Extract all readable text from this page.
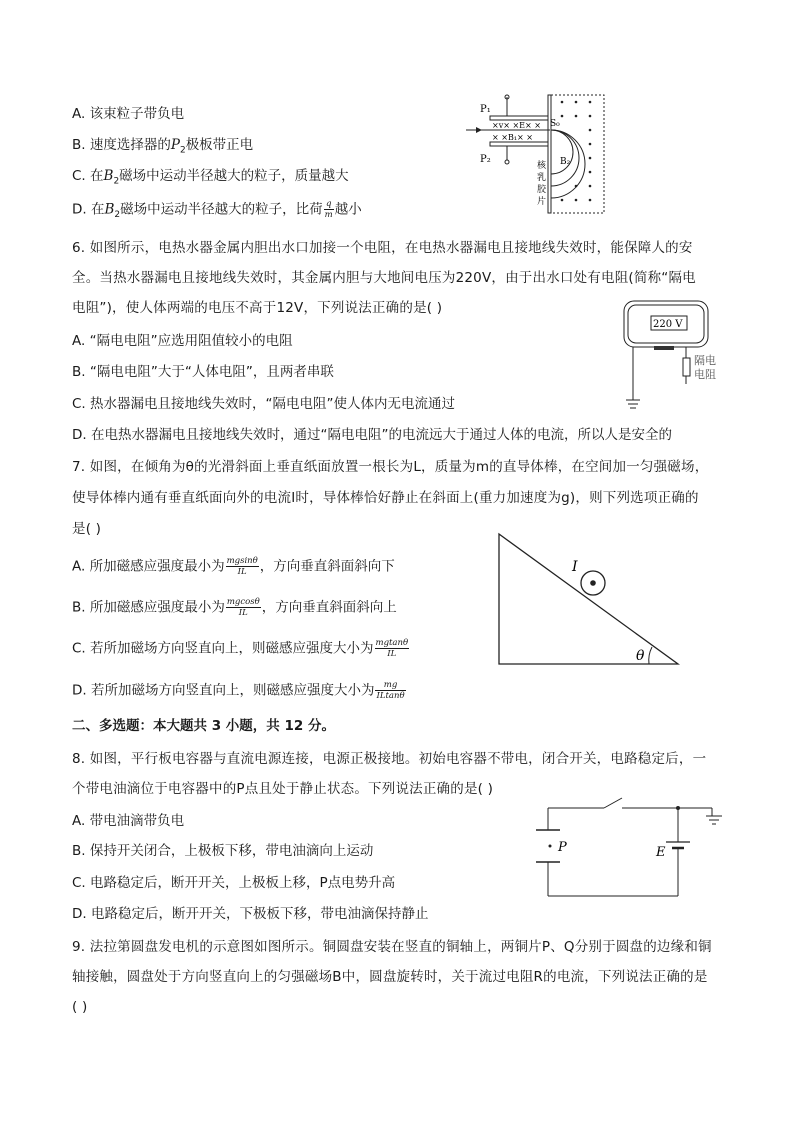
A. 该束粒子带负电
B. 速度选择器的$P_2$极板带正电
C. 在$B_2$磁场中运动半径越大的粒子，质量越大
D. 在$B_2$磁场中运动半径越大的粒子，比荷 $\frac{q}{m}$ 越小
P₁
P₂
×v× ×E× ×
× ×B₁× ×
S₀
B₂
核
乳
胶
片
6. 如图所示，电热水器金属内胆出水口加接一个电阻，在电热水器漏电且接地线失效时，能保障人的安
全。当热水器漏电且接地线失效时，其金属内胆与大地间电压为220V，由于出水口处有电阻(简称“隔电
电阻”)，使人体两端的电压不高于12V，下列说法正确的是( )
A. “隔电电阻”应选用阻值较小的电阻
B. “隔电电阻”大于“人体电阻”，且两者串联
C. 热水器漏电且接地线失效时，“隔电电阻”使人体内无电流通过
D. 在电热水器漏电且接地线失效时，通过“隔电电阻”的电流远大于通过人体的电流，所以人是安全的
220 V
隔电
电阻
7. 如图，在倾角为θ的光滑斜面上垂直纸面放置一根长为L，质量为m的直导体棒，在空间加一匀强磁场，
使导体棒内通有垂直纸面向外的电流I时，导体棒恰好静止在斜面上(重力加速度为g)，则下列选项正确的
是( )
A. 所加磁感应强度最小为 $\frac{mgsin\theta}{IL}$ ，方向垂直斜面斜向下
B. 所加磁感应强度最小为 $\frac{mgcos\theta}{IL}$ ，方向垂直斜面斜向上
C. 若所加磁场方向竖直向上，则磁感应强度大小为 $\frac{mgtan\theta}{IL}$
D. 若所加磁场方向竖直向上，则磁感应强度大小为 $\frac{mg}{ILtan\theta}$
I
θ
二、多选题：本大题共 3 小题，共 12 分。
8. 如图，平行板电容器与直流电源连接，电源正极接地。初始电容器不带电，闭合开关，电路稳定后，一
个带电油滴位于电容器中的P点且处于静止状态。下列说法正确的是( )
A. 带电油滴带负电
B. 保持开关闭合，上极板下移，带电油滴向上运动
C. 电路稳定后，断开开关，上极板上移，P点电势升高
D. 电路稳定后，断开开关，下极板下移，带电油滴保持静止
P	E
9. 法拉第圆盘发电机的示意图如图所示。铜圆盘安装在竖直的铜轴上，两铜片P、Q分别于圆盘的边缘和铜
轴接触，圆盘处于方向竖直向上的匀强磁场B中，圆盘旋转时，关于流过电阻R的电流，下列说法正确的是
( )
